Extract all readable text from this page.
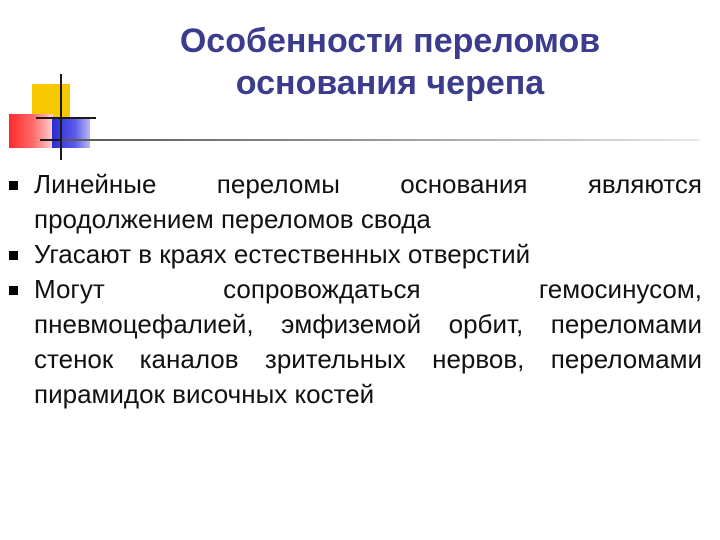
Особенности переломов
основания черепа
Линейные переломы основания являются продолжением переломов свода
Угасают в краях естественных отверстий
Могут сопровождаться гемосинусом, пневмоцефалией, эмфиземой орбит, переломами стенок каналов зрительных нервов, переломами пирамидок височных костей
